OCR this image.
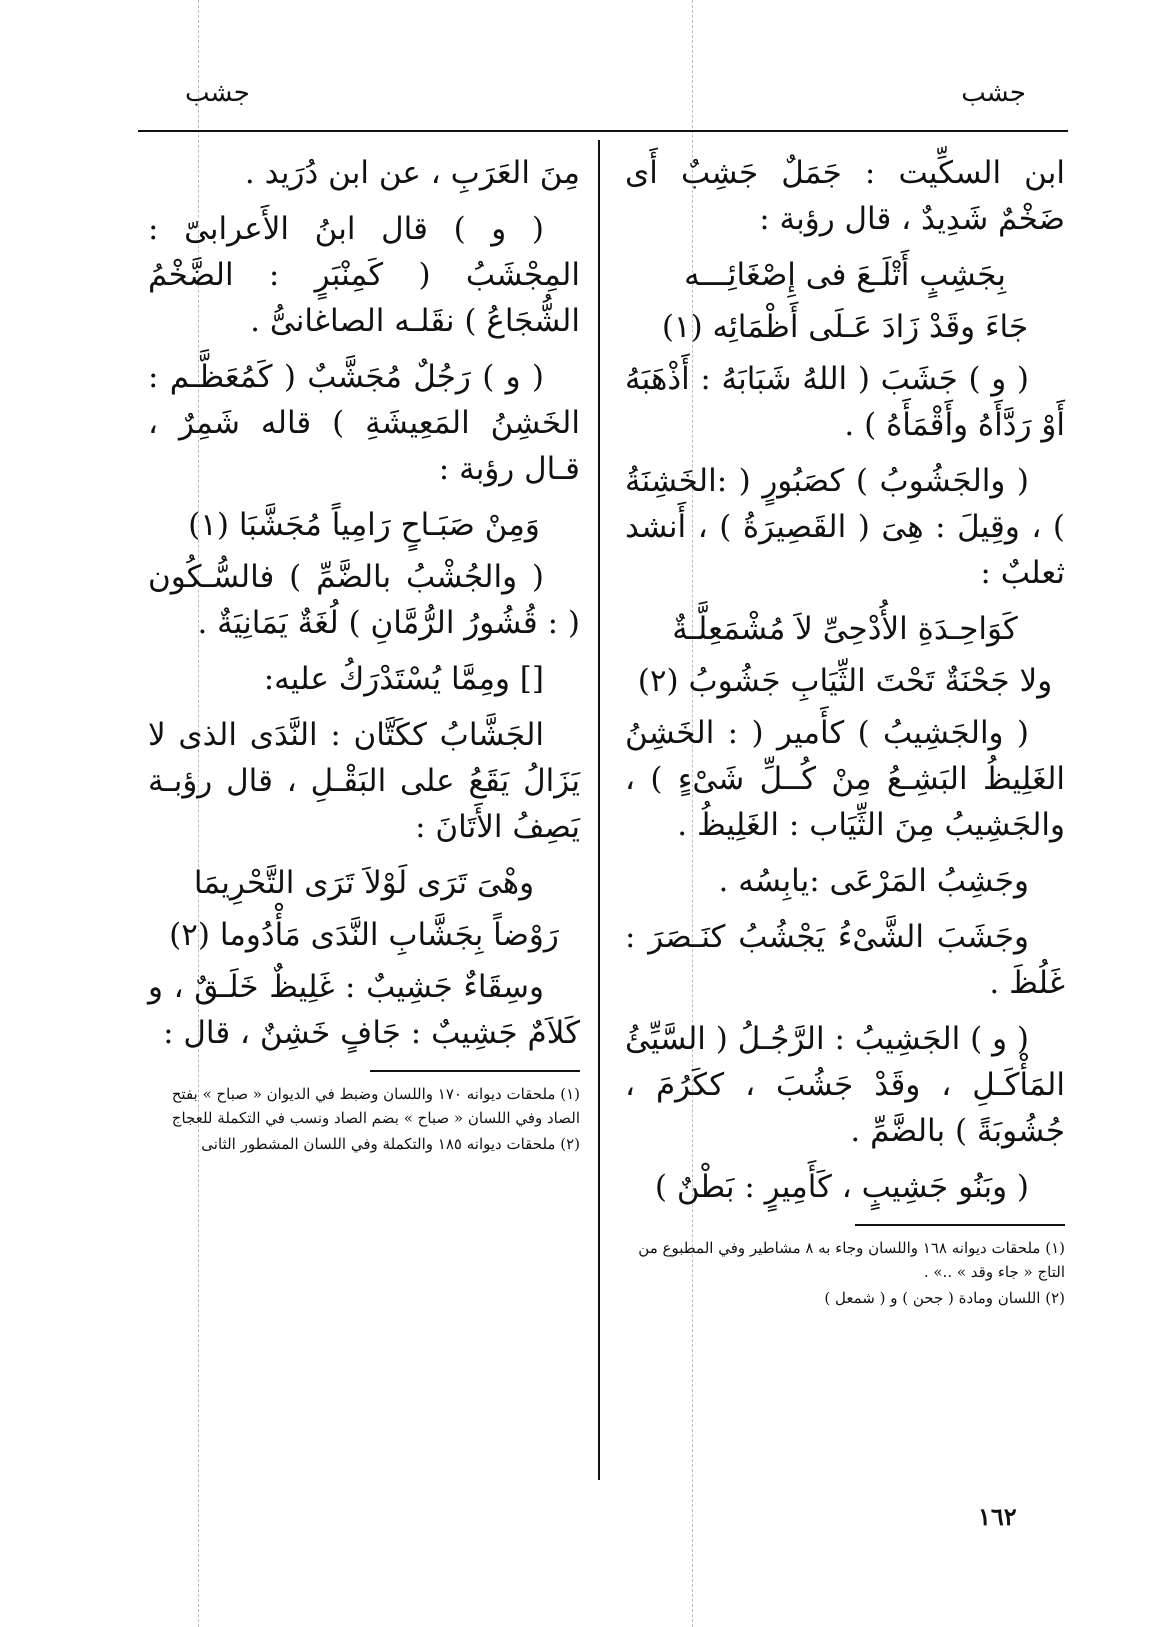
جشب
جشب

ابن السكِّيت : جَمَلٌ جَشِبٌ أَى ضَخْمٌ شَدِيدٌ ، قال رؤبة :

بِجَشِبٍ أَتْلَـعَ فى إِصْغَائِـــه

جَاءَ وقَدْ زَادَ عَـلَى أَظْمَائِه (١)

( و ) جَشَبَ ( اللهُ شَبَابَهُ : أَذْهَبَهُ أَوْ رَدَّأَهُ وأَقْمَأَهُ ) .

( والجَشُوبُ ) كصَبُورٍ ( :الخَشِنَةُ ) ، وقِيلَ : هِىَ ( القَصِيرَةُ ) ، أَنشد ثعلبٌ :

كَوَاحِـدَةِ الأُدْحِىِّ لاَ مُشْمَعِلَّـةٌ

ولا جَحْنَةٌ تَحْتَ الثِّيَابِ جَشُوبُ (٢)

( والجَشِيبُ ) كأَمير ( : الخَشِنُ الغَلِيظُ البَشِـعُ مِنْ كُــلِّ شَىْءٍ ) ، والجَشِيبُ مِنَ الثِّيَاب : الغَلِيظُ .

وجَشِبُ المَرْعَى :يابِسُه .

وجَشَبَ الشَّىْءُ يَجْشُبُ كنَـصَرَ : غَلُظَ .

( و ) الجَشِيبُ : الرَّجُـلُ ( السَّيِّئُ المَأْكَـلِ ، وقَدْ جَشُبَ ، ككَرُمَ ، جُشُوبَةً ) بالضَّمِّ .

( وبَنُو جَشِيبٍ ، كَأَمِيرٍ : بَطْنٌ )

(١) ملحقات ديوانه ١٦٨ واللسان وجاء به ٨ مشاطير وفي المطبوع من التاج « جاء وقد » ..» .

(٢) اللسان ومادة ( جحن ) و ( شمعل )

مِنَ العَرَبِ ، عن ابن دُرَيد .

( و ) قال ابنُ الأَعرابىّ : المِجْشَبُ ( كَمِنْبَرٍ : الضَّخْمُ الشُّجَاعُ ) نقَلـه الصاغانىُّ .

( و ) رَجُلٌ مُجَشَّبٌ ( كَمُعَظَّـم : الخَشِنُ المَعِيشَةِ ) قاله شَمِرٌ ، قـال رؤبة :

وَمِنْ صَبَـاحٍ رَامِياً مُجَشَّبَا (١)

( والجُشْبُ بالضَّمِّ ) فالسُّـكُون ( : قُشُورُ الرُّمَّانِ ) لُغَةٌ يَمَانِيَةٌ .

[] ومِمَّا يُسْتَدْرَكُ عليه:

الجَشَّابُ ككَتَّان : النَّدَى الذى لا يَزَالُ يَقَعُ على البَقْـلِ ، قال رؤبـة يَصِفُ الأَتَانَ :

وهْىَ تَرَى لَوْلاَ تَرَى التَّحْرِيمَا

رَوْضاً بِجَشَّابِ النَّدَى مَأْدُوما (٢)

وسِقَاءٌ جَشِيبٌ : غَلِيظٌ خَلَـقٌ ، و كَلاَمٌ جَشِيبٌ : جَافٍ خَشِنٌ ، قال :

(١) ملحقات ديوانه ١٧٠ واللسان وضبط في الديوان « صباح » بفتح الصاد وفي اللسان « صباح » بضم الصاد ونسب في التكملة للعجاج

(٢) ملحقات ديوانه ١٨٥ والتكملة وفي اللسان المشطور الثانى

١٦٢
